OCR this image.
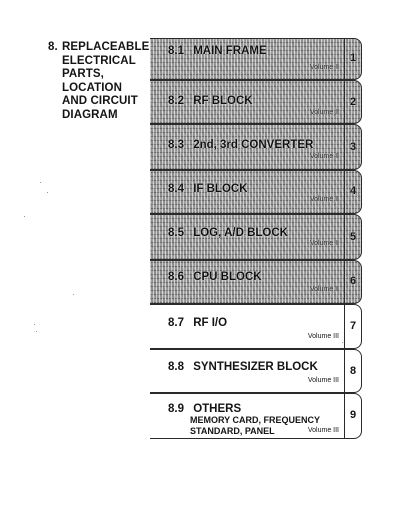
8. REPLACEABLE
ELECTRICAL
PARTS,
LOCATION
AND CIRCUIT
DIAGRAM
8.1 MAIN FRAME
Volume II
1
8.2 RF BLOCK
Volume II
2
8.3 2nd, 3rd CONVERTER
Volume II
3
8.4 IF BLOCK
Volume II
4
8.5 LOG, A/D BLOCK
Volume II
5
8.6 CPU BLOCK
Volume II
6
8.7 RF I/O
Volume III
7
8.8 SYNTHESIZER BLOCK
Volume III
8
8.9 OTHERS
MEMORY CARD, FREQUENCY
STANDARD, PANEL	Volume III
9
